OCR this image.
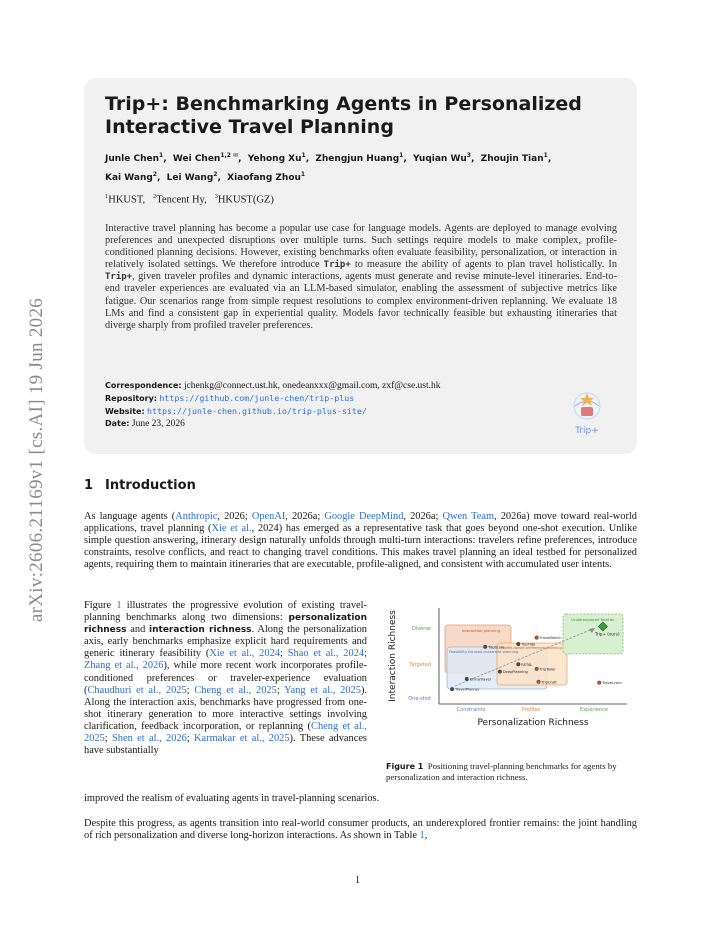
arXiv:2606.21169v1 [cs.AI] 19 Jun 2026
Trip+: Benchmarking Agents in Personalized Interactive Travel Planning

Junle Chen$^1$,  Wei Chen$^{1,2 ✉}$,  Yehong Xu$^1$,  Zhengjun Huang$^1$,  Yuqian Wu$^3$,  Zhoujin Tian$^1$,
Kai Wang$^2$,  Lei Wang$^2$,  Xiaofang Zhou$^1$

$^1$HKUST, $^2$Tencent Hy, $^3$HKUST(GZ)

Interactive travel planning has become a popular use case for language models. Agents are deployed to manage evolving preferences and unexpected disruptions over multiple turns. Such settings require models to make complex, profile-conditioned planning decisions. However, existing benchmarks often evaluate feasibility, personalization, or interaction in relatively isolated settings. We therefore introduce Trip+ to measure the ability of agents to plan travel holistically. In Trip+, given traveler profiles and dynamic interactions, agents must generate and revise minute-level itineraries. End-to-end traveler experiences are evaluated via an LLM-based simulator, enabling the assessment of subjective metrics like fatigue. Our scenarios range from simple request resolutions to complex environment-driven replanning. We evaluate 18 LMs and find a consistent gap in experiential quality. Models favor technically feasible but exhausting itineraries that diverge sharply from profiled traveler preferences.

Correspondence: jchenkg@connect.ust.hk, onedeanxxx@gmail.com, zxf@cse.ust.hk
Repository: https://github.com/junle-chen/trip-plus
Website: https://junle-chen.github.io/trip-plus-site/
Date: June 23, 2026
Trip+
1 Introduction

As language agents (Anthropic, 2026; OpenAI, 2026a; Google DeepMind, 2026a; Qwen Team, 2026a) move toward real-world applications, travel planning (Xie et al., 2024) has emerged as a representative task that goes beyond one-shot execution. Unlike simple question answering, itinerary design naturally unfolds through multi-turn interactions: travelers refine preferences, introduce constraints, resolve conflicts, and react to changing travel conditions. This makes travel planning an ideal testbed for personalized agents, requiring them to maintain itineraries that are executable, profile-aligned, and consistent with accumulated user intents.

Figure 1 illustrates the progressive evolution of existing travel-planning benchmarks along two dimensions: personalization richness and interaction richness. Along the personalization axis, early benchmarks emphasize explicit hard requirements and generic itinerary feasibility (Xie et al., 2024; Shao et al., 2024; Zhang et al., 2026), while more recent work incorporates profile-conditioned preferences or traveler-experience evaluation (Chaudhuri et al., 2025; Cheng et al., 2025; Yang et al., 2025). Along the interaction axis, benchmarks have progressed from one-shot itinerary generation to more interactive settings involving clarification, feedback incorporation, or replanning (Cheng et al., 2025; Shen et al., 2026; Karmakar et al., 2025). These advances have substantially

improved the realism of evaluating agents in travel-planning scenarios.

Despite this progress, as agents transition into real-world consumer products, an underexplored frontier remains: the joint handling of rich personalization and diverse long-horizon interactions. As shown in Table 1,

Interaction planning
Feasibility-focused constraint planning
Profile-aware preference planning
Underexplored frontier
Constraints	Profiles	Experience
Diverse
Targeted
One-shot
Personalization Richness
Interaction Richness	TripScore
TravelBench
TripTide
DeepPlanning
RETAL
TripTailor
ChinaTravel
TripCraft
TravelPlanner
Travel.com
Trip+ (ours)

Figure 1 Positioning travel-planning benchmarks for agents by personalization and interaction richness.

1
